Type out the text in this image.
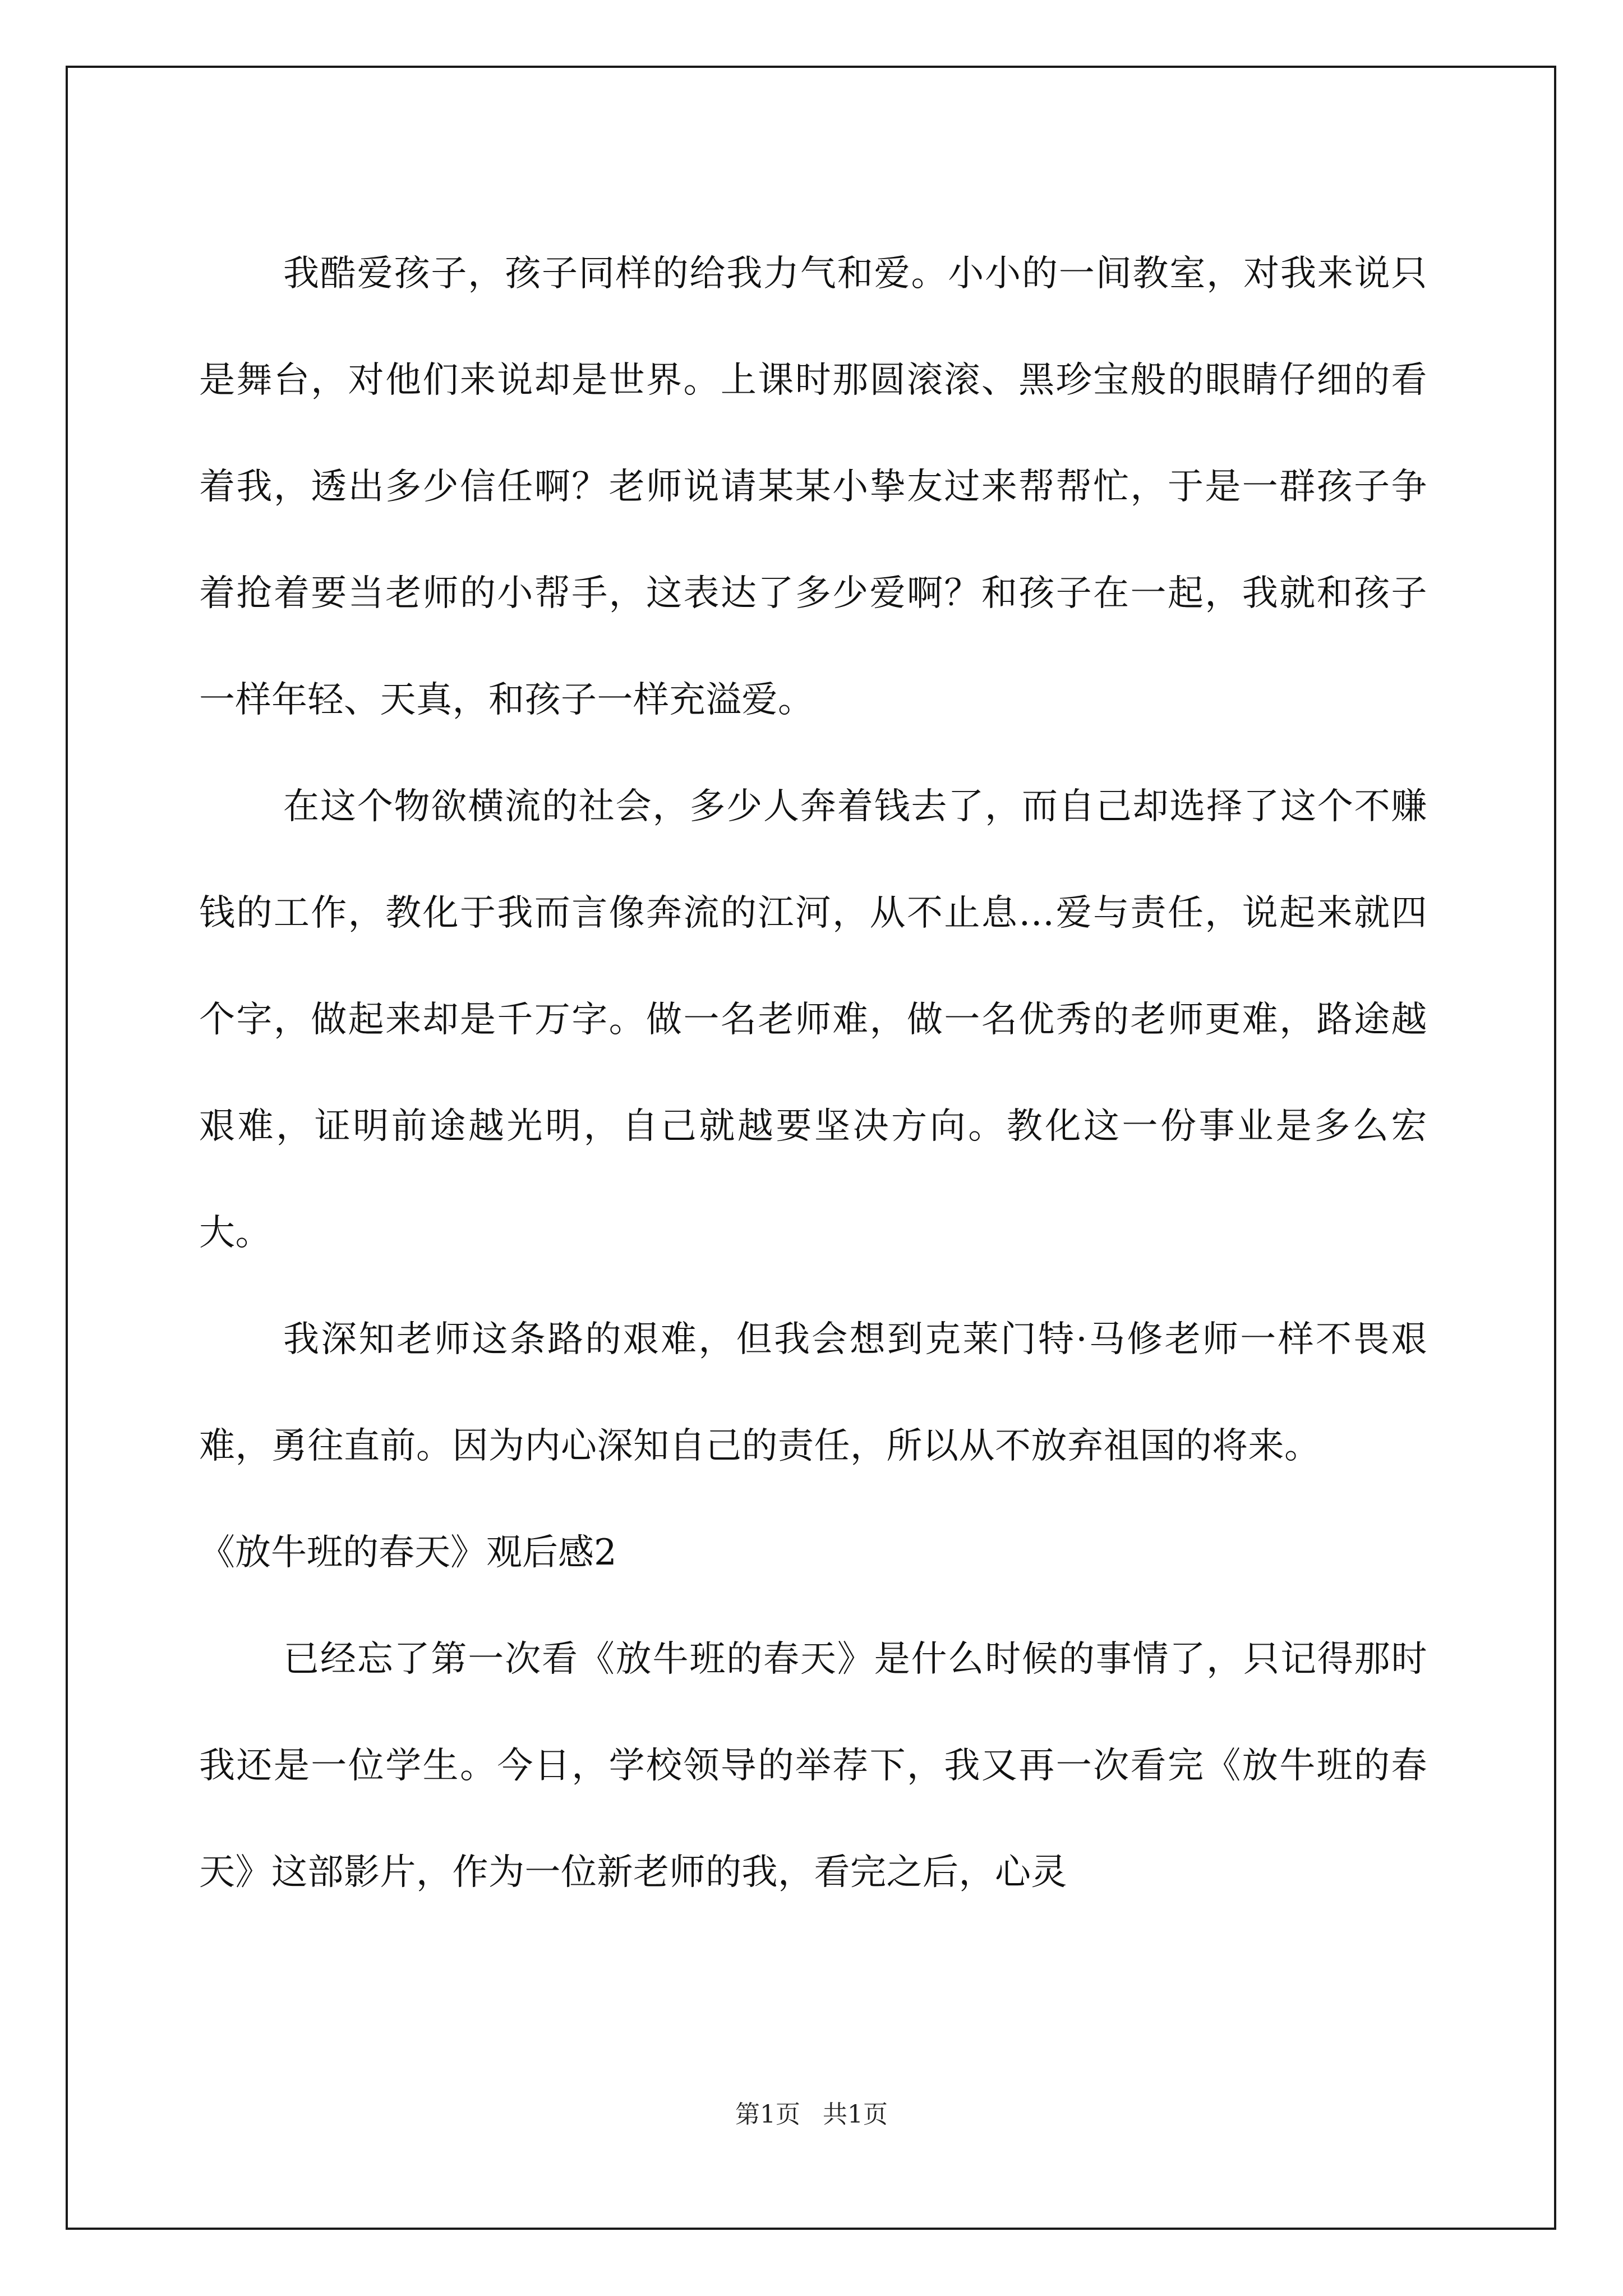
我酷爱孩子，孩子同样的给我力气和爱。小小的一间教室，对我来说只是舞台，对他们来说却是世界。上课时那圆滚滚、黑珍宝般的眼睛仔细的看着我，透出多少信任啊？老师说请某某小挚友过来帮帮忙，于是一群孩子争着抢着要当老师的小帮手，这表达了多少爱啊？和孩子在一起，我就和孩子一样年轻、天真，和孩子一样充溢爱。

在这个物欲横流的社会，多少人奔着钱去了，而自己却选择了这个不赚钱的工作，教化于我而言像奔流的江河，从不止息…爱与责任，说起来就四个字，做起来却是千万字。做一名老师难，做一名优秀的老师更难，路途越艰难，证明前途越光明，自己就越要坚决方向。教化这一份事业是多么宏大。

我深知老师这条路的艰难，但我会想到克莱门特·马修老师一样不畏艰难，勇往直前。因为内心深知自己的责任，所以从不放弃祖国的将来。

《放牛班的春天》观后感2

已经忘了第一次看《放牛班的春天》是什么时候的事情了，只记得那时我还是一位学生。今日，学校领导的举荐下，我又再一次看完《放牛班的春天》这部影片，作为一位新老师的我，看完之后，心灵

第1页 共1页
